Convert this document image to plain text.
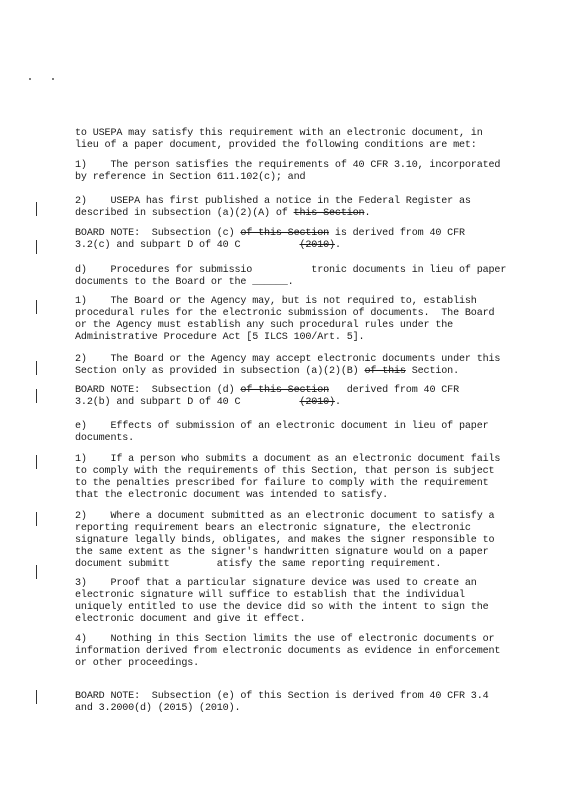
to USEPA may satisfy this requirement with an electronic document, in
lieu of a paper document, provided the following conditions are met:
1)    The person satisfies the requirements of 40 CFR 3.10, incorporated
by reference in Section 611.102(c); and
2)    USEPA has first published a notice in the Federal Register as
described in subsection (a)(2)(A) of this Section.
BOARD NOTE:  Subsection (c) of this Section is derived from 40 CFR
3.2(c) and subpart D of 40 C          (2010).
d)    Procedures for submissio          tronic documents in lieu of paper
documents to the Board or the ______.
1)    The Board or the Agency may, but is not required to, establish
procedural rules for the electronic submission of documents.  The Board
or the Agency must establish any such procedural rules under the
Administrative Procedure Act [5 ILCS 100/Art. 5].
2)    The Board or the Agency may accept electronic documents under this
Section only as provided in subsection (a)(2)(B) of this Section.
BOARD NOTE:  Subsection (d) of this Section   derived from 40 CFR
3.2(b) and subpart D of 40 C          (2010).
e)    Effects of submission of an electronic document in lieu of paper
documents.
1)    If a person who submits a document as an electronic document fails
to comply with the requirements of this Section, that person is subject
to the penalties prescribed for failure to comply with the requirement
that the electronic document was intended to satisfy.
2)    Where a document submitted as an electronic document to satisfy a
reporting requirement bears an electronic signature, the electronic
signature legally binds, obligates, and makes the signer responsible to
the same extent as the signer's handwritten signature would on a paper
document submitt        atisfy the same reporting requirement.
3)    Proof that a particular signature device was used to create an
electronic signature will suffice to establish that the individual
uniquely entitled to use the device did so with the intent to sign the
electronic document and give it effect.
4)    Nothing in this Section limits the use of electronic documents or
information derived from electronic documents as evidence in enforcement
or other proceedings.
BOARD NOTE:  Subsection (e) of this Section is derived from 40 CFR 3.4
and 3.2000(d) (2015) (2010).
